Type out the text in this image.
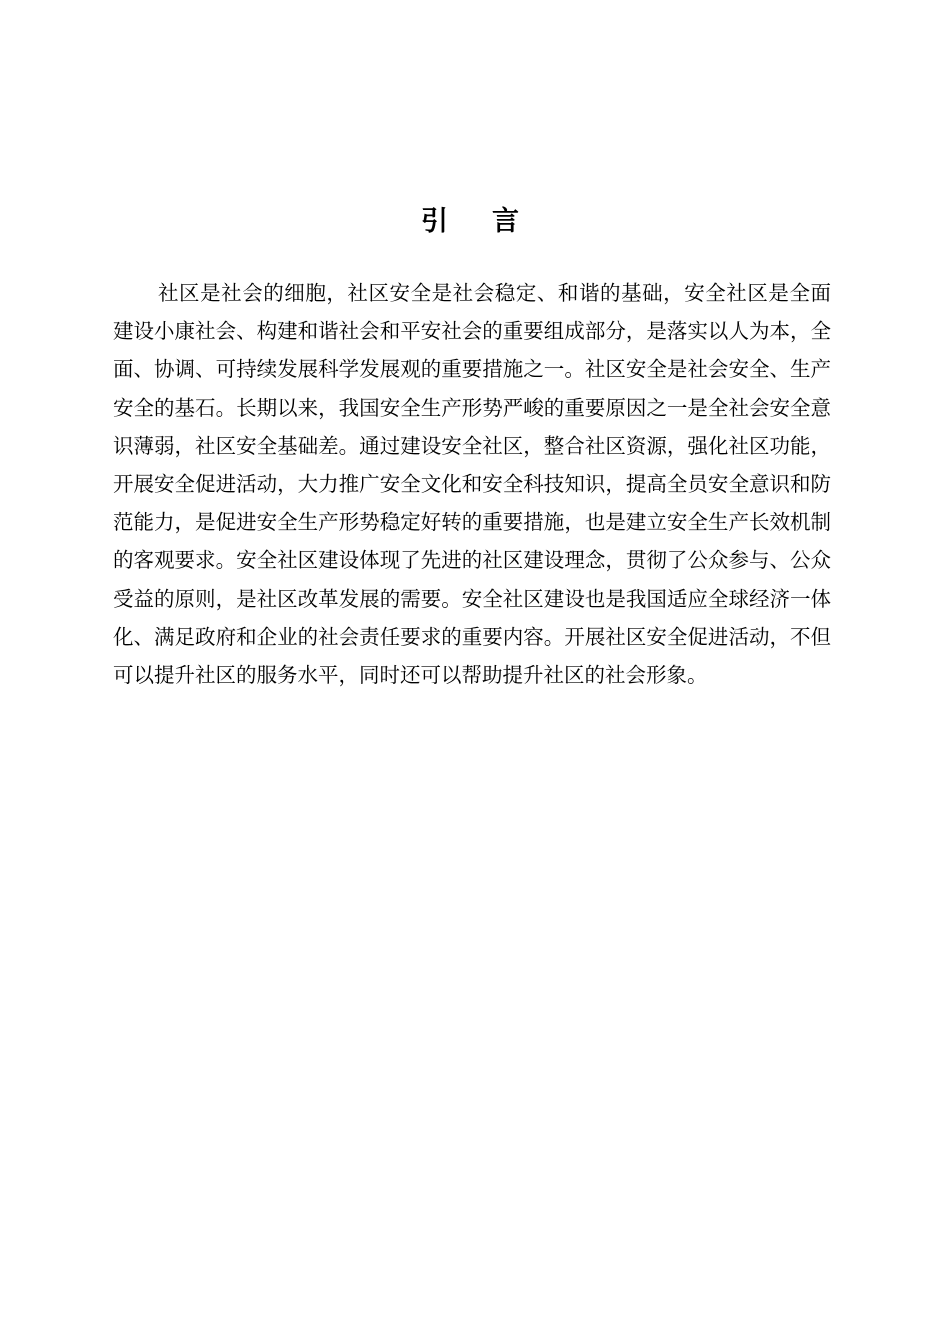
引言

社区是社会的细胞，社区安全是社会稳定、和谐的基础，安全社区是全面建设小康社会、构建和谐社会和平安社会的重要组成部分，是落实以人为本，全面、协调、可持续发展科学发展观的重要措施之一。社区安全是社会安全、生产安全的基石。长期以来，我国安全生产形势严峻的重要原因之一是全社会安全意识薄弱，社区安全基础差。通过建设安全社区，整合社区资源，强化社区功能，开展安全促进活动，大力推广安全文化和安全科技知识，提高全员安全意识和防范能力，是促进安全生产形势稳定好转的重要措施，也是建立安全生产长效机制的客观要求。安全社区建设体现了先进的社区建设理念，贯彻了公众参与、公众受益的原则，是社区改革发展的需要。安全社区建设也是我国适应全球经济一体化、满足政府和企业的社会责任要求的重要内容。开展社区安全促进活动，不但可以提升社区的服务水平，同时还可以帮助提升社区的社会形象。
